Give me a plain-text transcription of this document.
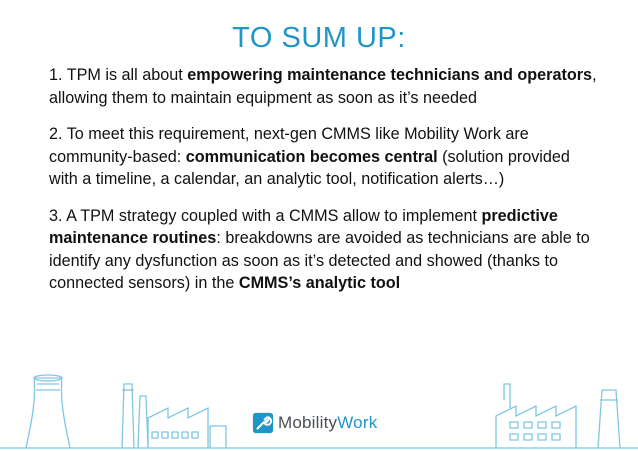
TO SUM UP:

1. TPM is all about empowering maintenance technicians and operators, allowing them to maintain equipment as soon as it’s needed

2. To meet this requirement, next-gen CMMS like Mobility Work are community-based: communication becomes central (solution provided with a timeline, a calendar, an analytic tool, notification alerts…)

3. A TPM strategy coupled with a CMMS allow to implement predictive maintenance routines: breakdowns are avoided as technicians are able to identify any dysfunction as soon as it’s detected and showed (thanks to connected sensors) in the CMMS’s analytic tool

MobilityWork
